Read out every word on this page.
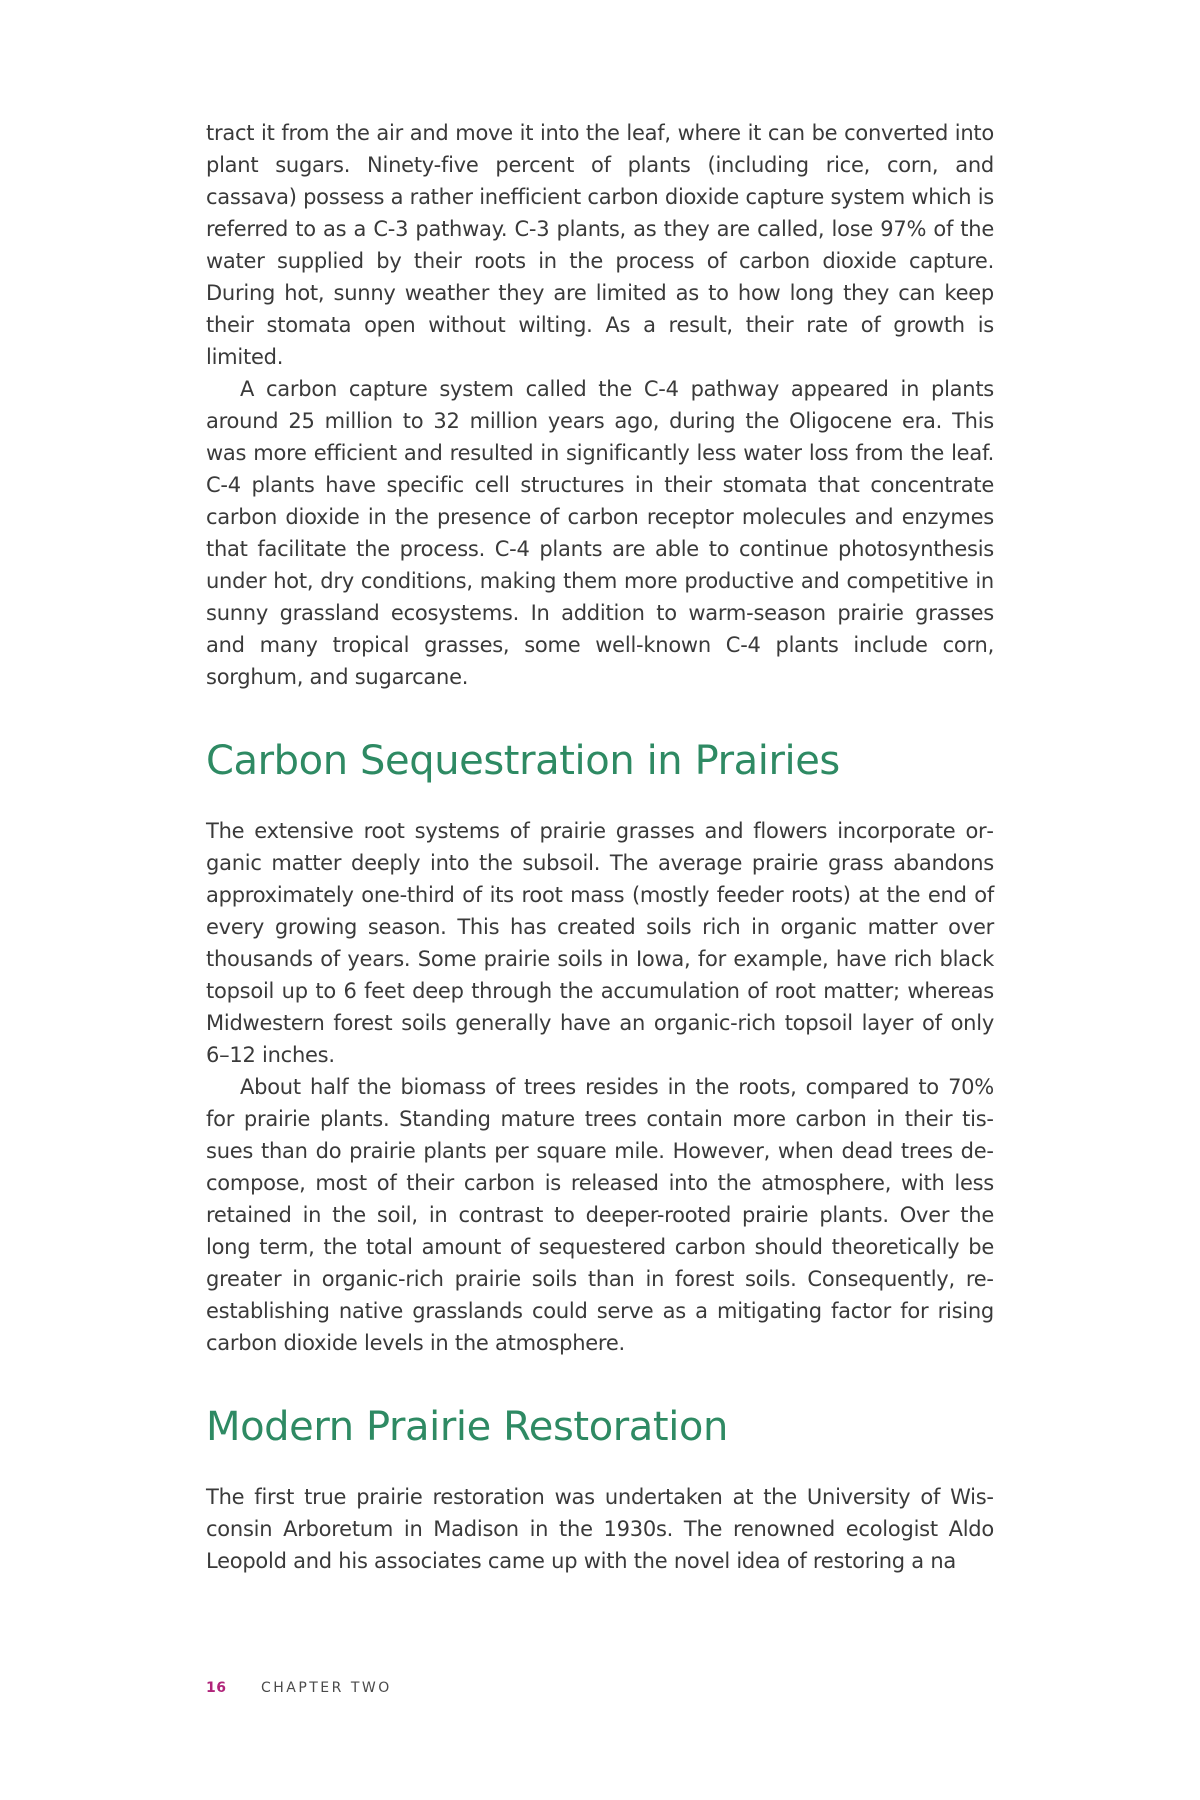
tract it from the air and move it into the leaf, where it can be converted into plant sugars. Ninety-five percent of plants (including rice, corn, and cassava) possess a rather inefficient carbon dioxide capture system which is referred to as a C-3 pathway. C-3 plants, as they are called, lose 97% of the water supplied by their roots in the process of carbon dioxide capture. During hot, sunny weather they are limited as to how long they can keep their stomata open without wilting. As a result, their rate of growth is limited.

A carbon capture system called the C-4 pathway appeared in plants around 25 million to 32 million years ago, during the Oligocene era. This was more efficient and resulted in significantly less water loss from the leaf. C-4 plants have specific cell structures in their stomata that concentrate carbon dioxide in the presence of carbon receptor molecules and enzymes that facilitate the process. C-4 plants are able to continue photosynthesis under hot, dry conditions, making them more productive and competitive in sunny grassland ecosystems. In addition to warm-season prairie grasses and many tropical grasses, some well-known C-4 plants include corn, sorghum, and sugarcane.

Carbon Sequestration in Prairies

The extensive root systems of prairie grasses and flowers incorporate organic matter deeply into the subsoil. The average prairie grass abandons approximately one-third of its root mass (mostly feeder roots) at the end of every growing season. This has created soils rich in organic matter over thousands of years. Some prairie soils in Iowa, for example, have rich black topsoil up to 6 feet deep through the accumulation of root matter; whereas Midwestern forest soils generally have an organic-rich topsoil layer of only 6–12 inches.

About half the biomass of trees resides in the roots, compared to 70% for prairie plants. Standing mature trees contain more carbon in their tissues than do prairie plants per square mile. However, when dead trees decompose, most of their carbon is released into the atmosphere, with less retained in the soil, in contrast to deeper-rooted prairie plants. Over the long term, the total amount of sequestered carbon should theoretically be greater in organic-rich prairie soils than in forest soils. Consequently, reestablishing native grasslands could serve as a mitigating factor for rising carbon dioxide levels in the atmosphere.

Modern Prairie Restoration

The first true prairie restoration was undertaken at the University of Wisconsin Arboretum in Madison in the 1930s. The renowned ecologist Aldo Leopold and his associates came up with the novel idea of restoring a na

16 CHAPTER TWO
